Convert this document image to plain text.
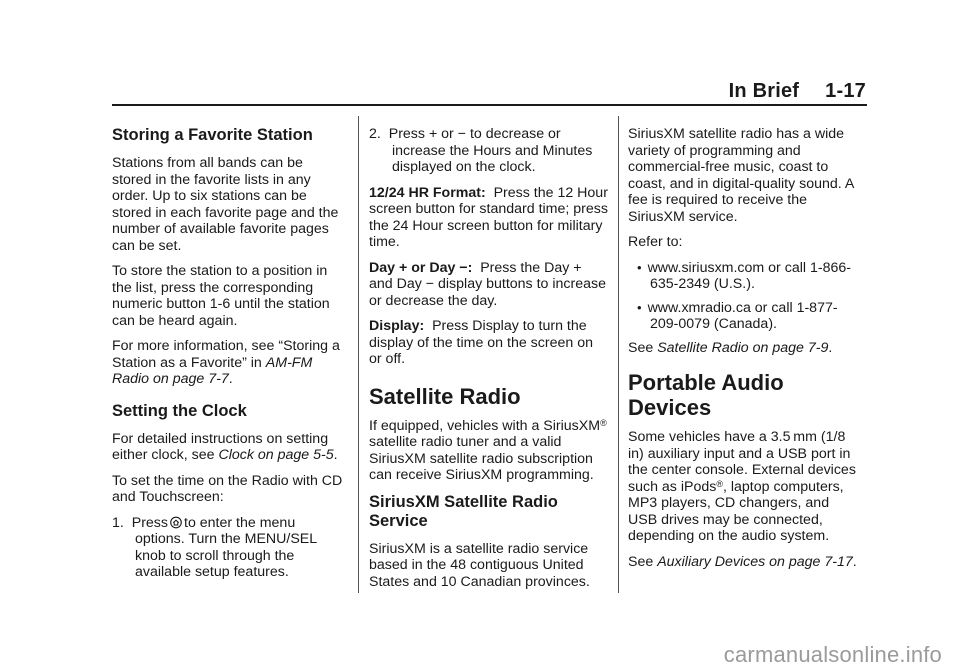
In Brief 1-17
Storing a Favorite Station

Stations from all bands can be stored in the favorite lists in any order. Up to six stations can be stored in each favorite page and the number of available favorite pages can be set.

To store the station to a position in the list, press the corresponding numeric button 1-6 until the station can be heard again.

For more information, see “Storing a Station as a Favorite” in AM-FM Radio on page 7-7.

Setting the Clock

For detailed instructions on setting either clock, see Clock on page 5-5.

To set the time on the Radio with CD and Touchscreen:

1. Press to enter the menu options. Turn the MENU/SEL knob to scroll through the available setup features.
2. Press + or − to decrease or increase the Hours and Minutes displayed on the clock.

12/24 HR Format: Press the 12 Hour screen button for standard time; press the 24 Hour screen button for military time.

Day + or Day −: Press the Day + and Day − display buttons to increase or decrease the day.

Display: Press Display to turn the display of the time on the screen on or off.

Satellite Radio

If equipped, vehicles with a SiriusXM® satellite radio tuner and a valid SiriusXM satellite radio subscription can receive SiriusXM programming.

SiriusXM Satellite Radio Service

SiriusXM is a satellite radio service based in the 48 contiguous United States and 10 Canadian provinces.

SiriusXM satellite radio has a wide variety of programming and commercial-free music, coast to coast, and in digital-quality sound. A fee is required to receive the SiriusXM service.

Refer to:

• www.siriusxm.com or call 1-866-635-2349 (U.S.).
• www.xmradio.ca or call 1-877-209-0079 (Canada).

See Satellite Radio on page 7-9.

Portable Audio Devices

Some vehicles have a 3.5 mm (1/8 in) auxiliary input and a USB port in the center console. External devices such as iPods®, laptop computers, MP3 players, CD changers, and USB drives may be connected, depending on the audio system.

See Auxiliary Devices on page 7-17.

carmanualsonline.info
